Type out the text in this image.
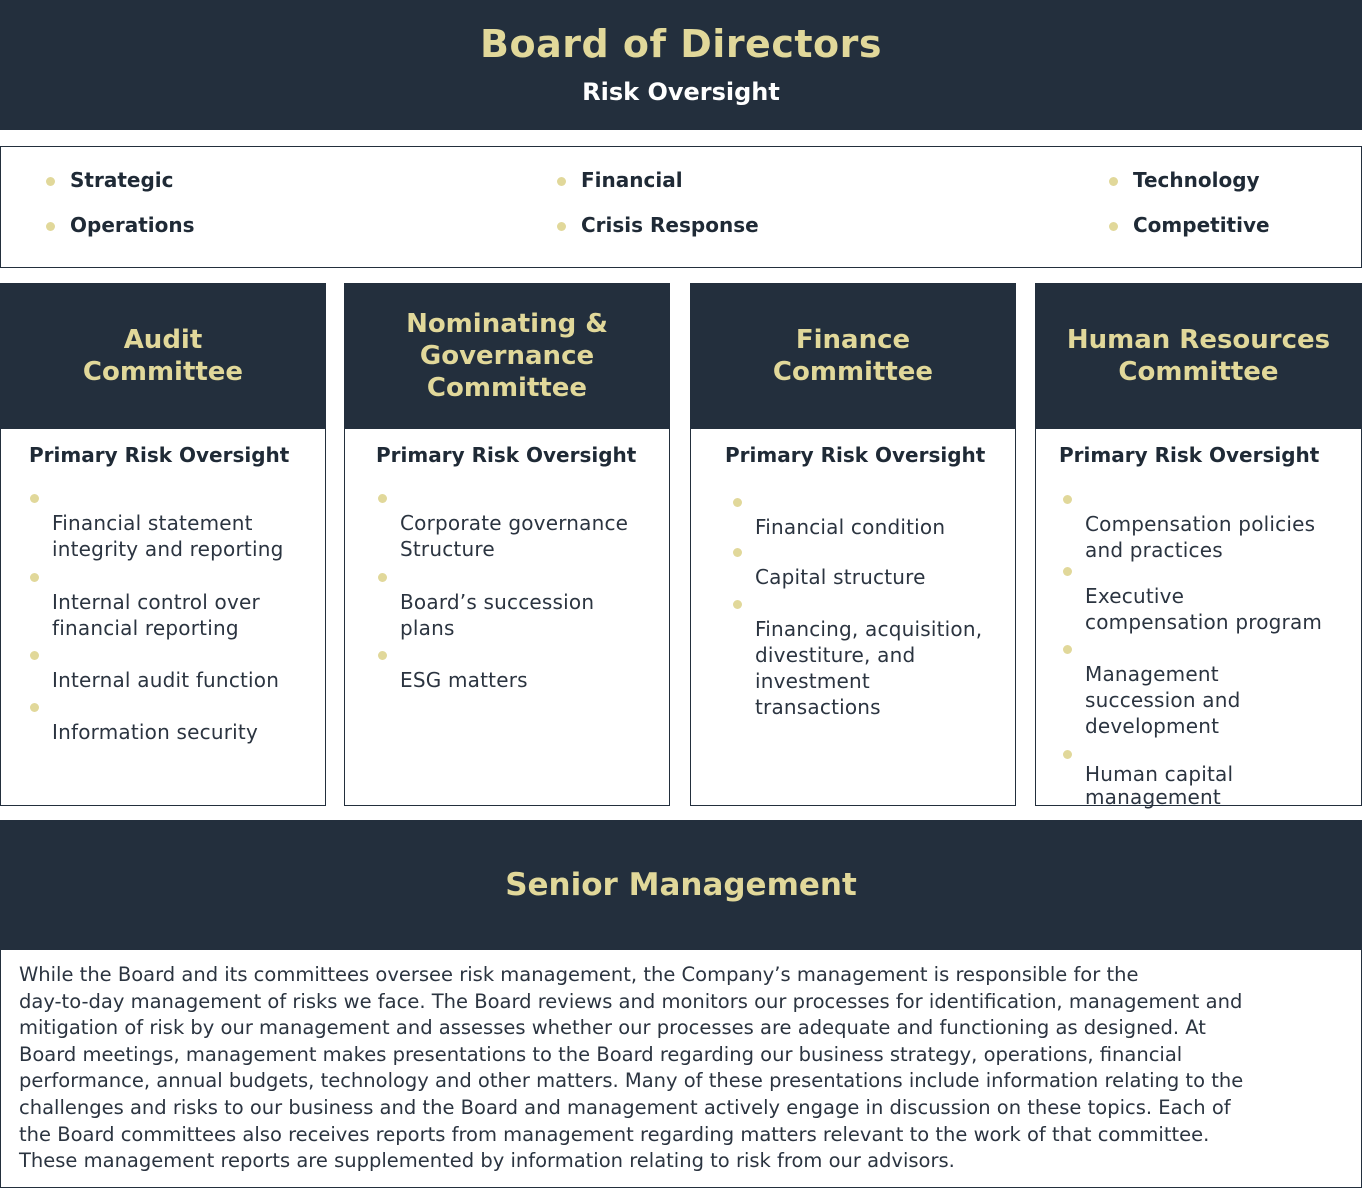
Board of Directors
Risk Oversight
Strategic
Operations
Financial
Crisis Response
Technology
Competitive
Audit
Committee
Primary Risk Oversight

Financial statement
integrity and reporting

Internal control over
financial reporting

Internal audit function

Information security

Nominating &
Governance
Committee
Primary Risk Oversight

Corporate governance
Structure

Board’s succession
plans

ESG matters

Finance
Committee
Primary Risk Oversight

Financial condition

Capital structure

Financing, acquisition,
divestiture, and
investment
transactions

Human Resources
Committee
Primary Risk Oversight

Compensation policies
and practices

Executive
compensation program

Management
succession and
development

Human capital
management

Senior Management
While the Board and its committees oversee risk management, the Company’s management is responsible for the
day-to-day management of risks we face. The Board reviews and monitors our processes for identification, management and
mitigation of risk by our management and assesses whether our processes are adequate and functioning as designed. At
Board meetings, management makes presentations to the Board regarding our business strategy, operations, financial
performance, annual budgets, technology and other matters. Many of these presentations include information relating to the
challenges and risks to our business and the Board and management actively engage in discussion on these topics. Each of
the Board committees also receives reports from management regarding matters relevant to the work of that committee.
These management reports are supplemented by information relating to risk from our advisors.
